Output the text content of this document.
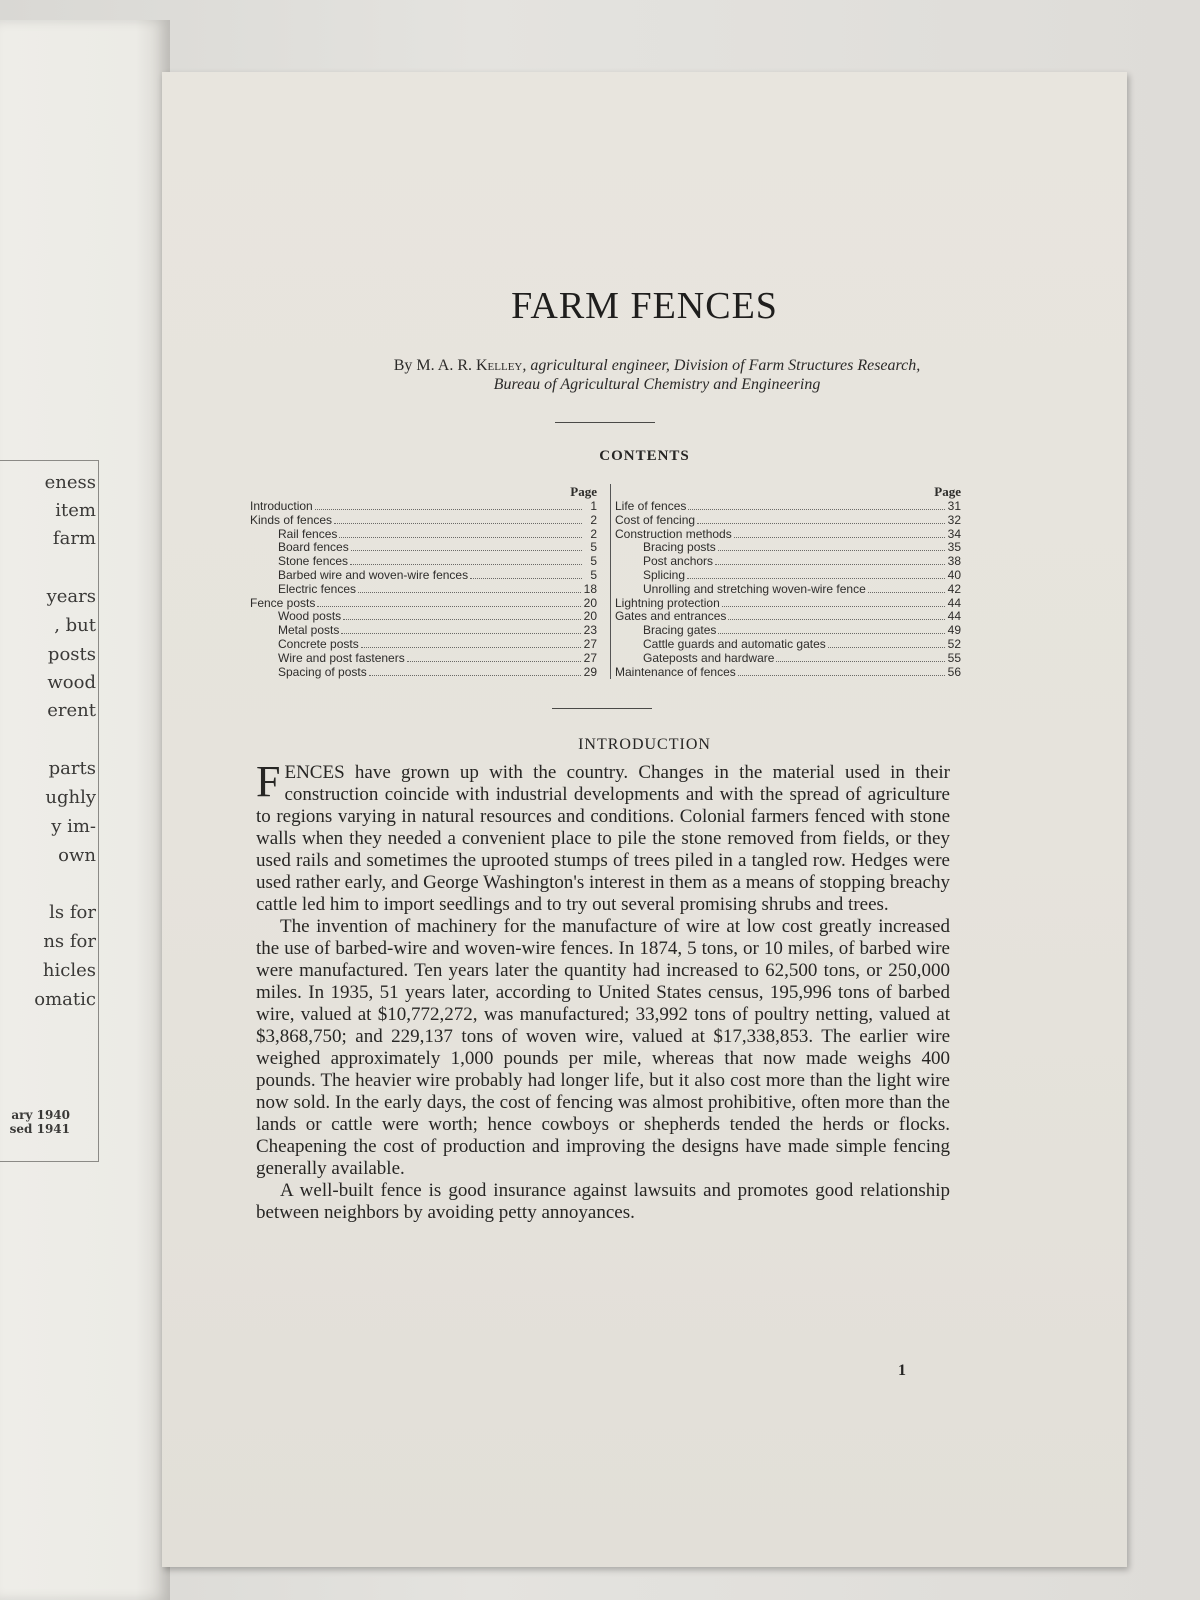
eness
item
farm
years
, but
posts
wood
erent
parts
ughly
y im-
own
ls for
ns for
hicles
omatic
ary 1940
sed 1941
FARM FENCES
By M. A. R. Kelley, agricultural engineer, Division of Farm Structures Research,
Bureau of Agricultural Chemistry and Engineering
CONTENTS
Page
Introduction	1
Kinds of fences	2
Rail fences	2
Board fences	5
Stone fences	5
Barbed wire and woven-wire fences	5
Electric fences	18
Fence posts	20
Wood posts	20
Metal posts	23
Concrete posts	27
Wire and post fasteners	27
Spacing of posts	29
Page
Life of fences	31
Cost of fencing	32
Construction methods	34
Bracing posts	35
Post anchors	38
Splicing	40
Unrolling and stretching woven-wire fence	42
Lightning protection	44
Gates and entrances	44
Bracing gates	49
Cattle guards and automatic gates	52
Gateposts and hardware	55
Maintenance of fences	56
INTRODUCTION

FENCES have grown up with the country. Changes in the material used in their construction coincide with industrial developments and with the spread of agriculture to regions varying in natural resources and conditions. Colonial farmers fenced with stone walls when they needed a convenient place to pile the stone removed from fields, or they used rails and sometimes the uprooted stumps of trees piled in a tangled row. Hedges were used rather early, and George Washington's interest in them as a means of stopping breachy cattle led him to import seedlings and to try out several promising shrubs and trees.

The invention of machinery for the manufacture of wire at low cost greatly increased the use of barbed-wire and woven-wire fences. In 1874, 5 tons, or 10 miles, of barbed wire were manufactured. Ten years later the quantity had increased to 62,500 tons, or 250,000 miles. In 1935, 51 years later, according to United States census, 195,996 tons of barbed wire, valued at $10,772,272, was manufactured; 33,992 tons of poultry netting, valued at $3,868,750; and 229,137 tons of woven wire, valued at $17,338,853. The earlier wire weighed approximately 1,000 pounds per mile, whereas that now made weighs 400 pounds. The heavier wire probably had longer life, but it also cost more than the light wire now sold. In the early days, the cost of fencing was almost prohibitive, often more than the lands or cattle were worth; hence cowboys or shepherds tended the herds or flocks. Cheapening the cost of production and improving the designs have made simple fencing generally available.

A well-built fence is good insurance against lawsuits and promotes good relationship between neighbors by avoiding petty annoyances.

1
